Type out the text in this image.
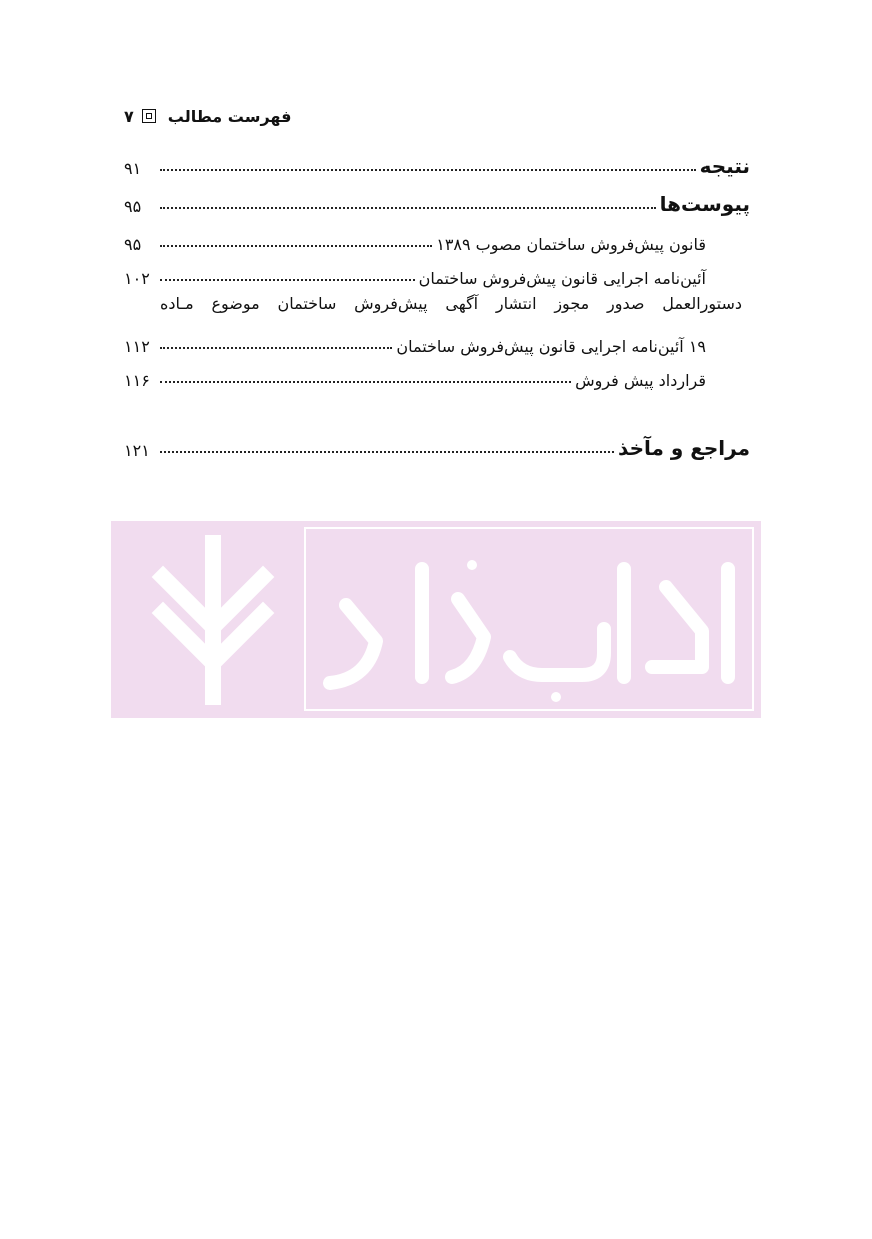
۷ فهرست مطالب
نتیجه
۹۱
پیوست‌ها
۹۵
قانون پیش‌فروش ساختمان مصوب ۱۳۸۹
۹۵
آئین‌نامه اجرایی قانون پیش‌فروش ساختمان
۱۰۲
دستورالعمل صدور مجوز انتشار آگهی پیش‌فروش ساختمان موضوع مـاده
۱۹ آئین‌نامه اجرایی قانون پیش‌فروش ساختمان
۱۱۲
قرارداد پیش فروش
۱۱۶
مراجع و مآخذ
۱۲۱
